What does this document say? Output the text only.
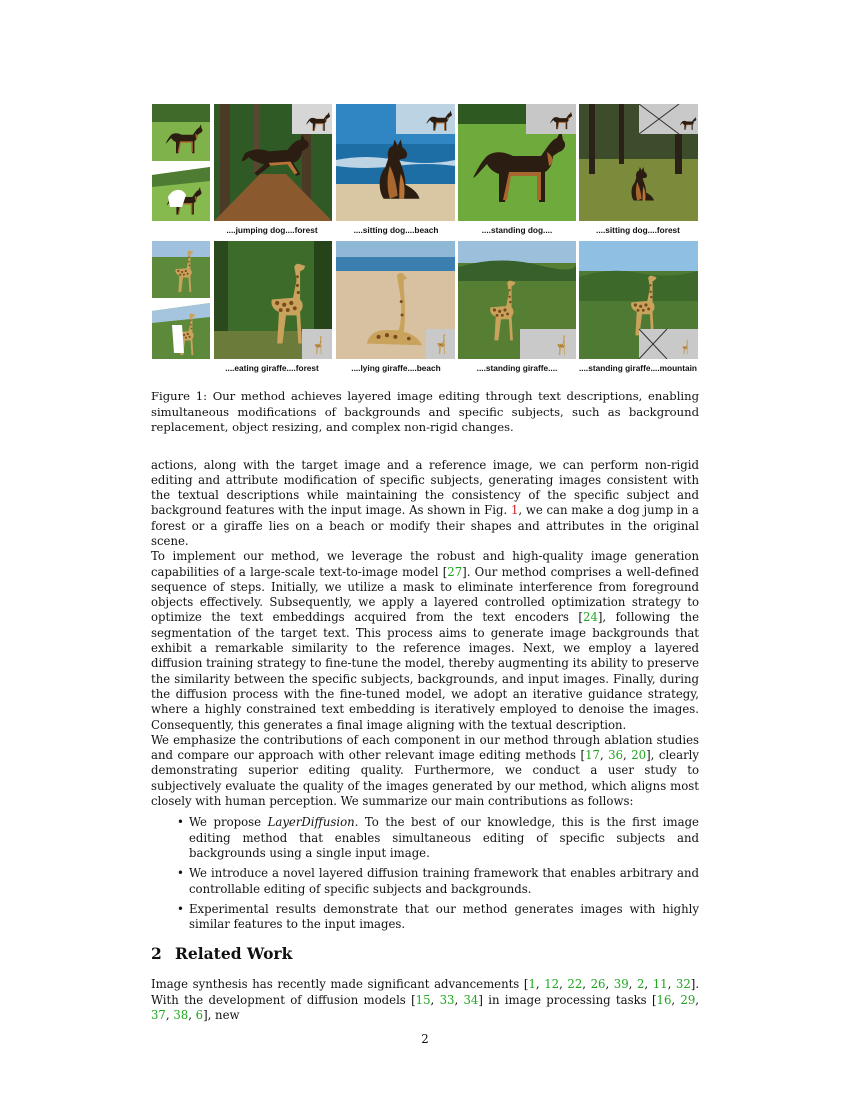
....jumping dog....forest	....sitting dog....beach	....standing dog....	....sitting dog....forest
....eating giraffe....forest	....lying giraffe....beach	....standing giraffe....	....standing giraffe....mountain
Figure 1: Our method achieves layered image editing through text descriptions, enabling simultaneous modifications of backgrounds and specific subjects, such as background replacement, object resizing, and complex non-rigid changes.

actions, along with the target image and a reference image, we can perform non-rigid editing and attribute modification of specific subjects, generating images consistent with the textual descriptions while maintaining the consistency of the specific subject and background features with the input image. As shown in Fig. 1, we can make a dog jump in a forest or a giraffe lies on a beach or modify their shapes and attributes in the original scene.

To implement our method, we leverage the robust and high-quality image generation capabilities of a large-scale text-to-image model [27]. Our method comprises a well-defined sequence of steps. Initially, we utilize a mask to eliminate interference from foreground objects effectively. Subsequently, we apply a layered controlled optimization strategy to optimize the text embeddings acquired from the text encoders [24], following the segmentation of the target text. This process aims to generate image backgrounds that exhibit a remarkable similarity to the reference images. Next, we employ a layered diffusion training strategy to fine-tune the model, thereby augmenting its ability to preserve the similarity between the specific subjects, backgrounds, and input images. Finally, during the diffusion process with the fine-tuned model, we adopt an iterative guidance strategy, where a highly constrained text embedding is iteratively employed to denoise the images. Consequently, this generates a final image aligning with the textual description.

We emphasize the contributions of each component in our method through ablation studies and compare our approach with other relevant image editing methods [17, 36, 20], clearly demonstrating superior editing quality. Furthermore, we conduct a user study to subjectively evaluate the quality of the images generated by our method, which aligns most closely with human perception. We summarize our main contributions as follows:

• We propose LayerDiffusion. To the best of our knowledge, this is the first image editing method that enables simultaneous editing of specific subjects and backgrounds using a single input image.
• We introduce a novel layered diffusion training framework that enables arbitrary and controllable editing of specific subjects and backgrounds.
• Experimental results demonstrate that our method generates images with highly similar features to the input images.
2 Related Work

Image synthesis has recently made significant advancements [1, 12, 22, 26, 39, 2, 11, 32]. With the development of diffusion models [15, 33, 34] in image processing tasks [16, 29, 37, 38, 6], new

2
